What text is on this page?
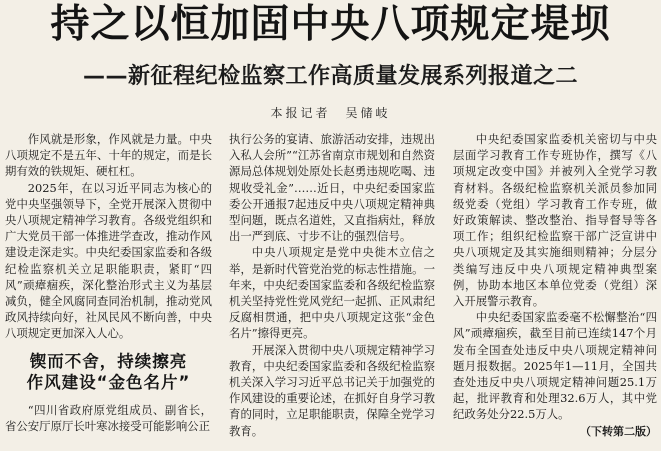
持之以恒加固中央八项规定堤坝
——新征程纪检监察工作高质量发展系列报道之二
本报记者　吴储岐

作风就是形象，作风就是力量。中央八项规定不是五年、十年的规定，而是长期有效的铁规矩、硬杠杠。

2025年，在以习近平同志为核心的党中央坚强领导下，全党开展深入贯彻中央八项规定精神学习教育。各级党组织和广大党员干部一体推进学查改，推动作风建设走深走实。中央纪委国家监委和各级纪检监察机关立足职能职责，紧盯“四风”顽瘴痼疾，深化整治形式主义为基层减负，健全风腐同查同治机制，推动党风政风持续向好，社风民风不断向善，中央八项规定更加深入人心。

锲而不舍，持续擦亮
作风建设“金色名片”

“四川省政府原党组成员、副省长，省公安厅原厅长叶寒冰接受可能影响公正

执行公务的宴请、旅游活动安排，违规出入私人会所”“江苏省南京市规划和自然资源局总体规划处原处长赵勇违规吃喝、违规收受礼金”……近日，中央纪委国家监委公开通报7起违反中央八项规定精神典型问题，既点名道姓，又直指病灶，释放出一严到底、寸步不让的强烈信号。

中央八项规定是党中央徙木立信之举，是新时代管党治党的标志性措施。一年来，中央纪委国家监委和各级纪检监察机关坚持党性党风党纪一起抓、正风肃纪反腐相贯通，把中央八项规定这张“金色名片”擦得更亮。

开展深入贯彻中央八项规定精神学习教育，中央纪委国家监委和各级纪检监察机关深入学习习近平总书记关于加强党的作风建设的重要论述，在抓好自身学习教育的同时，立足职能职责，保障全党学习教育。

中央纪委国家监委机关密切与中央层面学习教育工作专班协作，撰写《八项规定改变中国》并被列入全党学习教育材料。各级纪检监察机关派员参加同级党委（党组）学习教育工作专班，做好政策解读、整改整治、指导督导等各项工作；组织纪检监察干部广泛宣讲中央八项规定及其实施细则精神；分层分类编写违反中央八项规定精神典型案例，协助本地区本单位党委（党组）深入开展警示教育。

中央纪委国家监委毫不松懈整治“四风”顽瘴痼疾，截至目前已连续147个月发布全国查处违反中央八项规定精神问题月报数据。2025年1—11月，全国共查处违反中央八项规定精神问题25.1万起，批评教育和处理32.6万人，其中党纪政务处分22.5万人。

（下转第二版）
